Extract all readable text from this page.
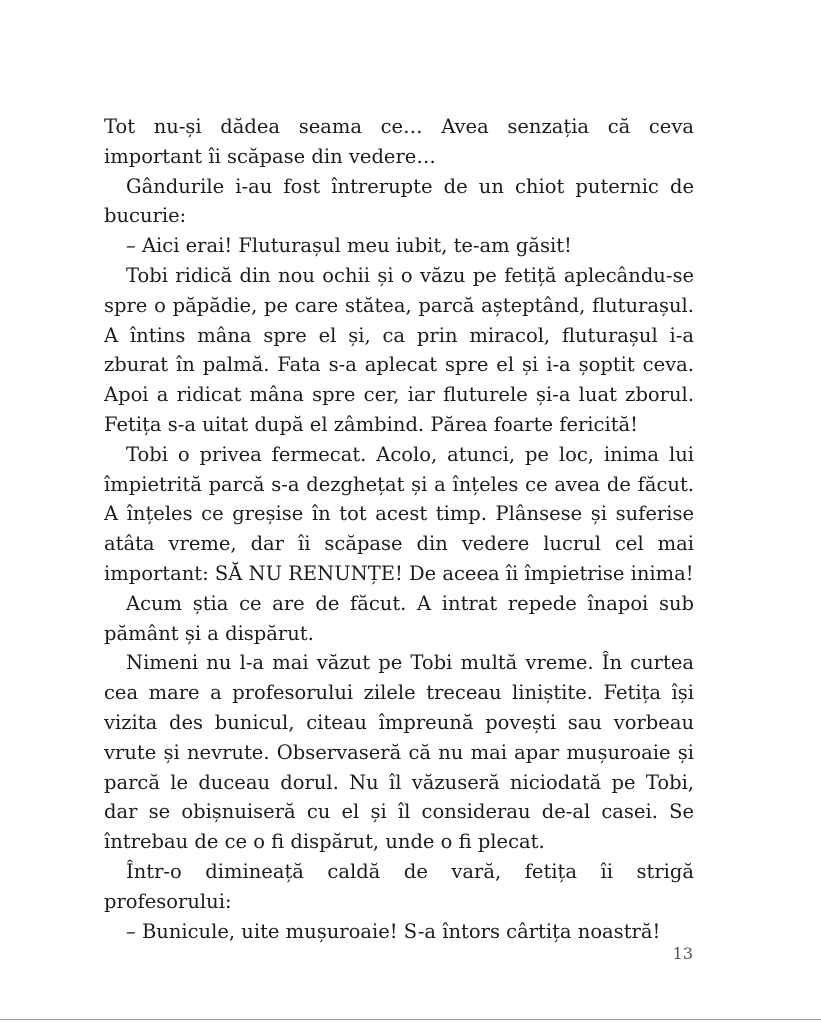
Tot nu-și dădea seama ce… Avea senzația că ceva important îi scăpase din vedere…

Gândurile i-au fost întrerupte de un chiot puternic de bucurie:

– Aici erai! Fluturașul meu iubit, te-am găsit!

Tobi ridică din nou ochii și o văzu pe fetiță aplecându-se spre o păpădie, pe care stătea, parcă așteptând, fluturașul. A întins mâna spre el și, ca prin miracol, fluturașul i-a zburat în palmă. Fata s-a aplecat spre el și i-a șoptit ceva. Apoi a ridicat mâna spre cer, iar fluturele și-a luat zborul. Fetița s-a uitat după el zâmbind. Părea foarte fericită!

Tobi o privea fermecat. Acolo, atunci, pe loc, inima lui împietrită parcă s-a dezghețat și a înțeles ce avea de făcut. A înțeles ce greșise în tot acest timp. Plânsese și suferise atâta vreme, dar îi scăpase din vedere lucrul cel mai important: SĂ NU RENUNȚE! De aceea îi împietrise inima!

Acum știa ce are de făcut. A intrat repede înapoi sub pământ și a dispărut.

Nimeni nu l-a mai văzut pe Tobi multă vreme. În curtea cea mare a profesorului zilele treceau liniștite. Fetița își vizita des bunicul, citeau împreună povești sau vorbeau vrute și nevrute. Observaseră că nu mai apar mușuroaie și parcă le duceau dorul. Nu îl văzuseră niciodată pe Tobi, dar se obișnuiseră cu el și îl considerau de-al casei. Se întrebau de ce o fi dispărut, unde o fi plecat.

Într-o dimineață caldă de vară, fetița îi strigă profesorului:

– Bunicule, uite mușuroaie! S-a întors cârtița noastră!

13
